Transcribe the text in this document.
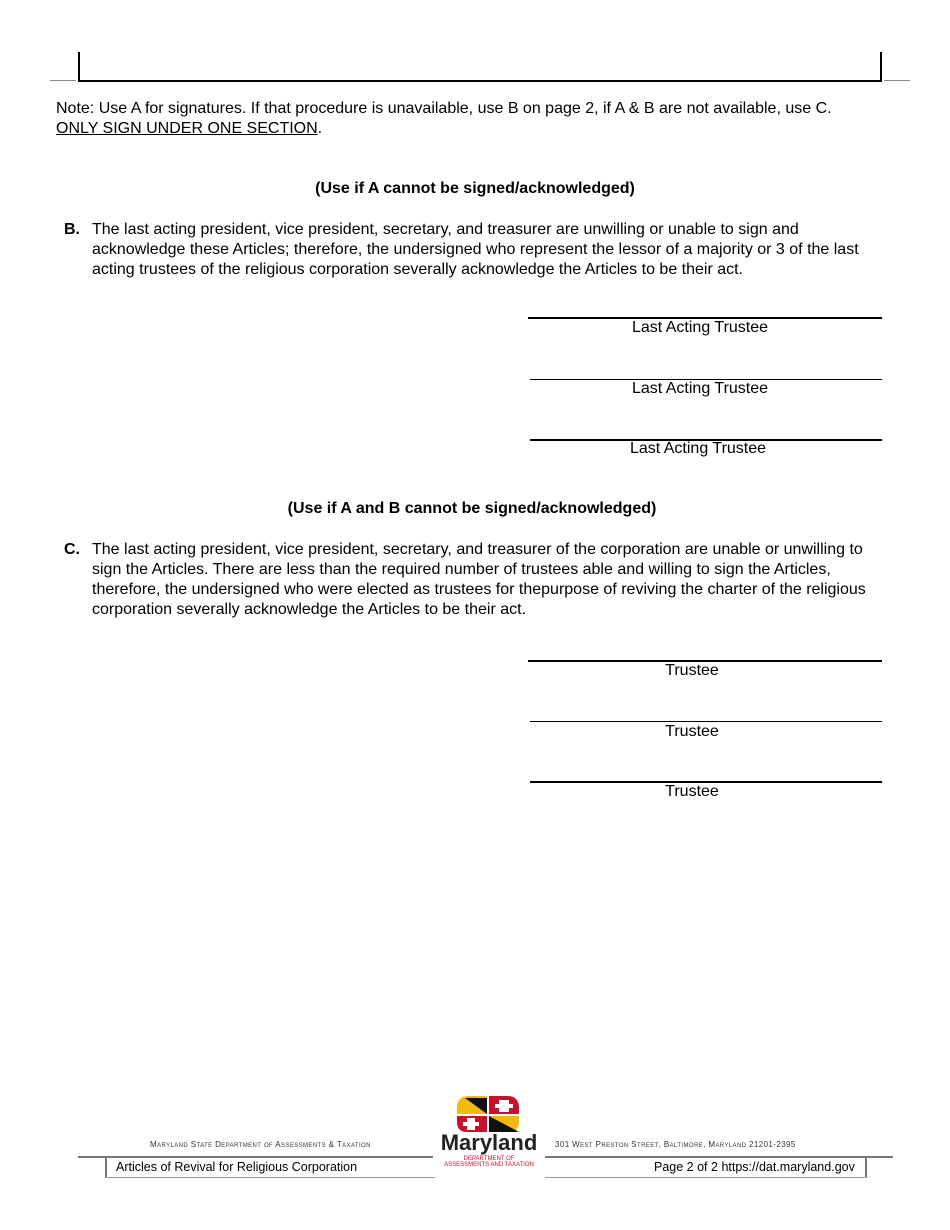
Note: Use A for signatures. If that procedure is unavailable, use B on page 2, if A & B are not available, use C.
ONLY SIGN UNDER ONE SECTION.
(Use if A cannot be signed/acknowledged)
B. The last acting president, vice president, secretary, and treasurer are unwilling or unable to sign and acknowledge these Articles; therefore, the undersigned who represent the lessor of a majority or 3 of the last acting trustees of the religious corporation severally acknowledge the Articles to be their act.
Last Acting Trustee
Last Acting Trustee
Last Acting Trustee
(Use if A and B cannot be signed/acknowledged)
C. The last acting president, vice president, secretary, and treasurer of the corporation are unable or unwilling to sign the Articles. There are less than the required number of trustees able and willing to sign the Articles, therefore, the undersigned who were elected as trustees for thepurpose of reviving the charter of the religious corporation severally acknowledge the Articles to be their act.
Trustee
Trustee
Trustee
Maryland State Department of Assessments & Taxation	301 West Preston Street, Baltimore, Maryland 21201-2395
Maryland
DEPARTMENT OF
ASSESSMENTS AND TAXATION
Articles of Revival for Religious Corporation	Page 2 of 2 https://dat.maryland.gov
